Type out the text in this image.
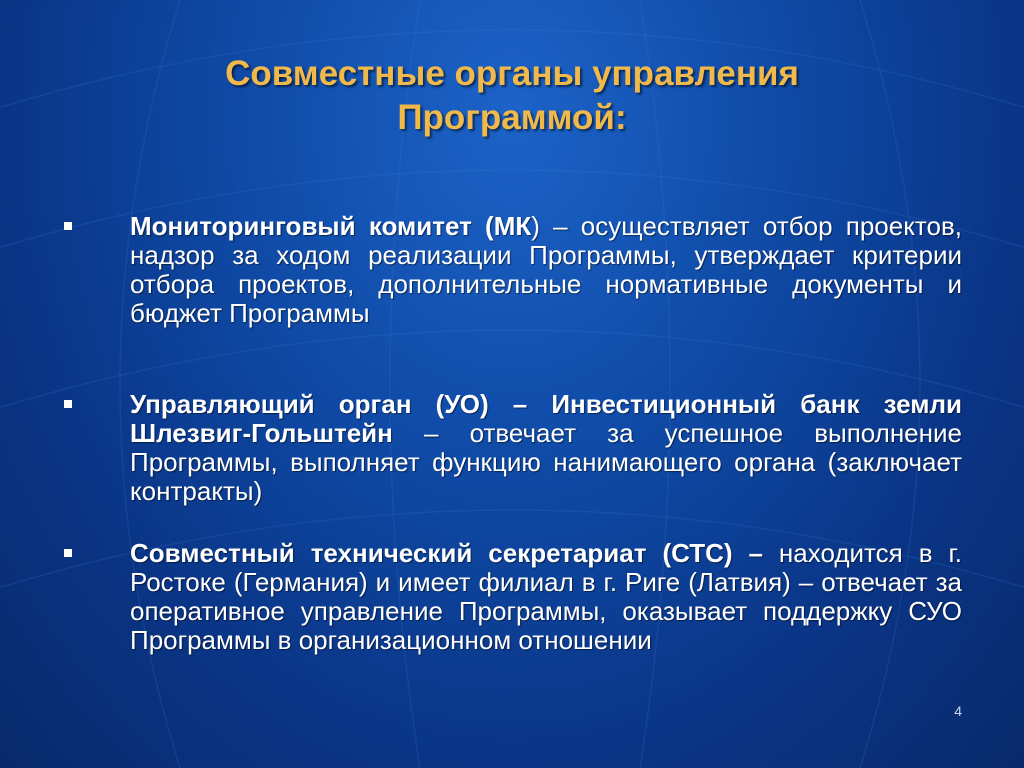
Совместные органы управления
Программой:
Мониторинговый комитет (МК) – осуществляет отбор проектов, надзор за ходом реализации Программы, утверждает критерии отбора проектов, дополнительные нормативные документы и бюджет Программы
Управляющий орган (УО) – Инвестиционный банк земли Шлезвиг-Гольштейн – отвечает за успешное выполнение Программы, выполняет функцию нанимающего органа (заключает контракты)
Совместный технический секретариат (СТС) – находится в г. Ростоке (Германия) и имеет филиал в г. Риге (Латвия) – отвечает за оперативное управление Программы, оказывает поддержку СУО Программы в организационном отношении
4
